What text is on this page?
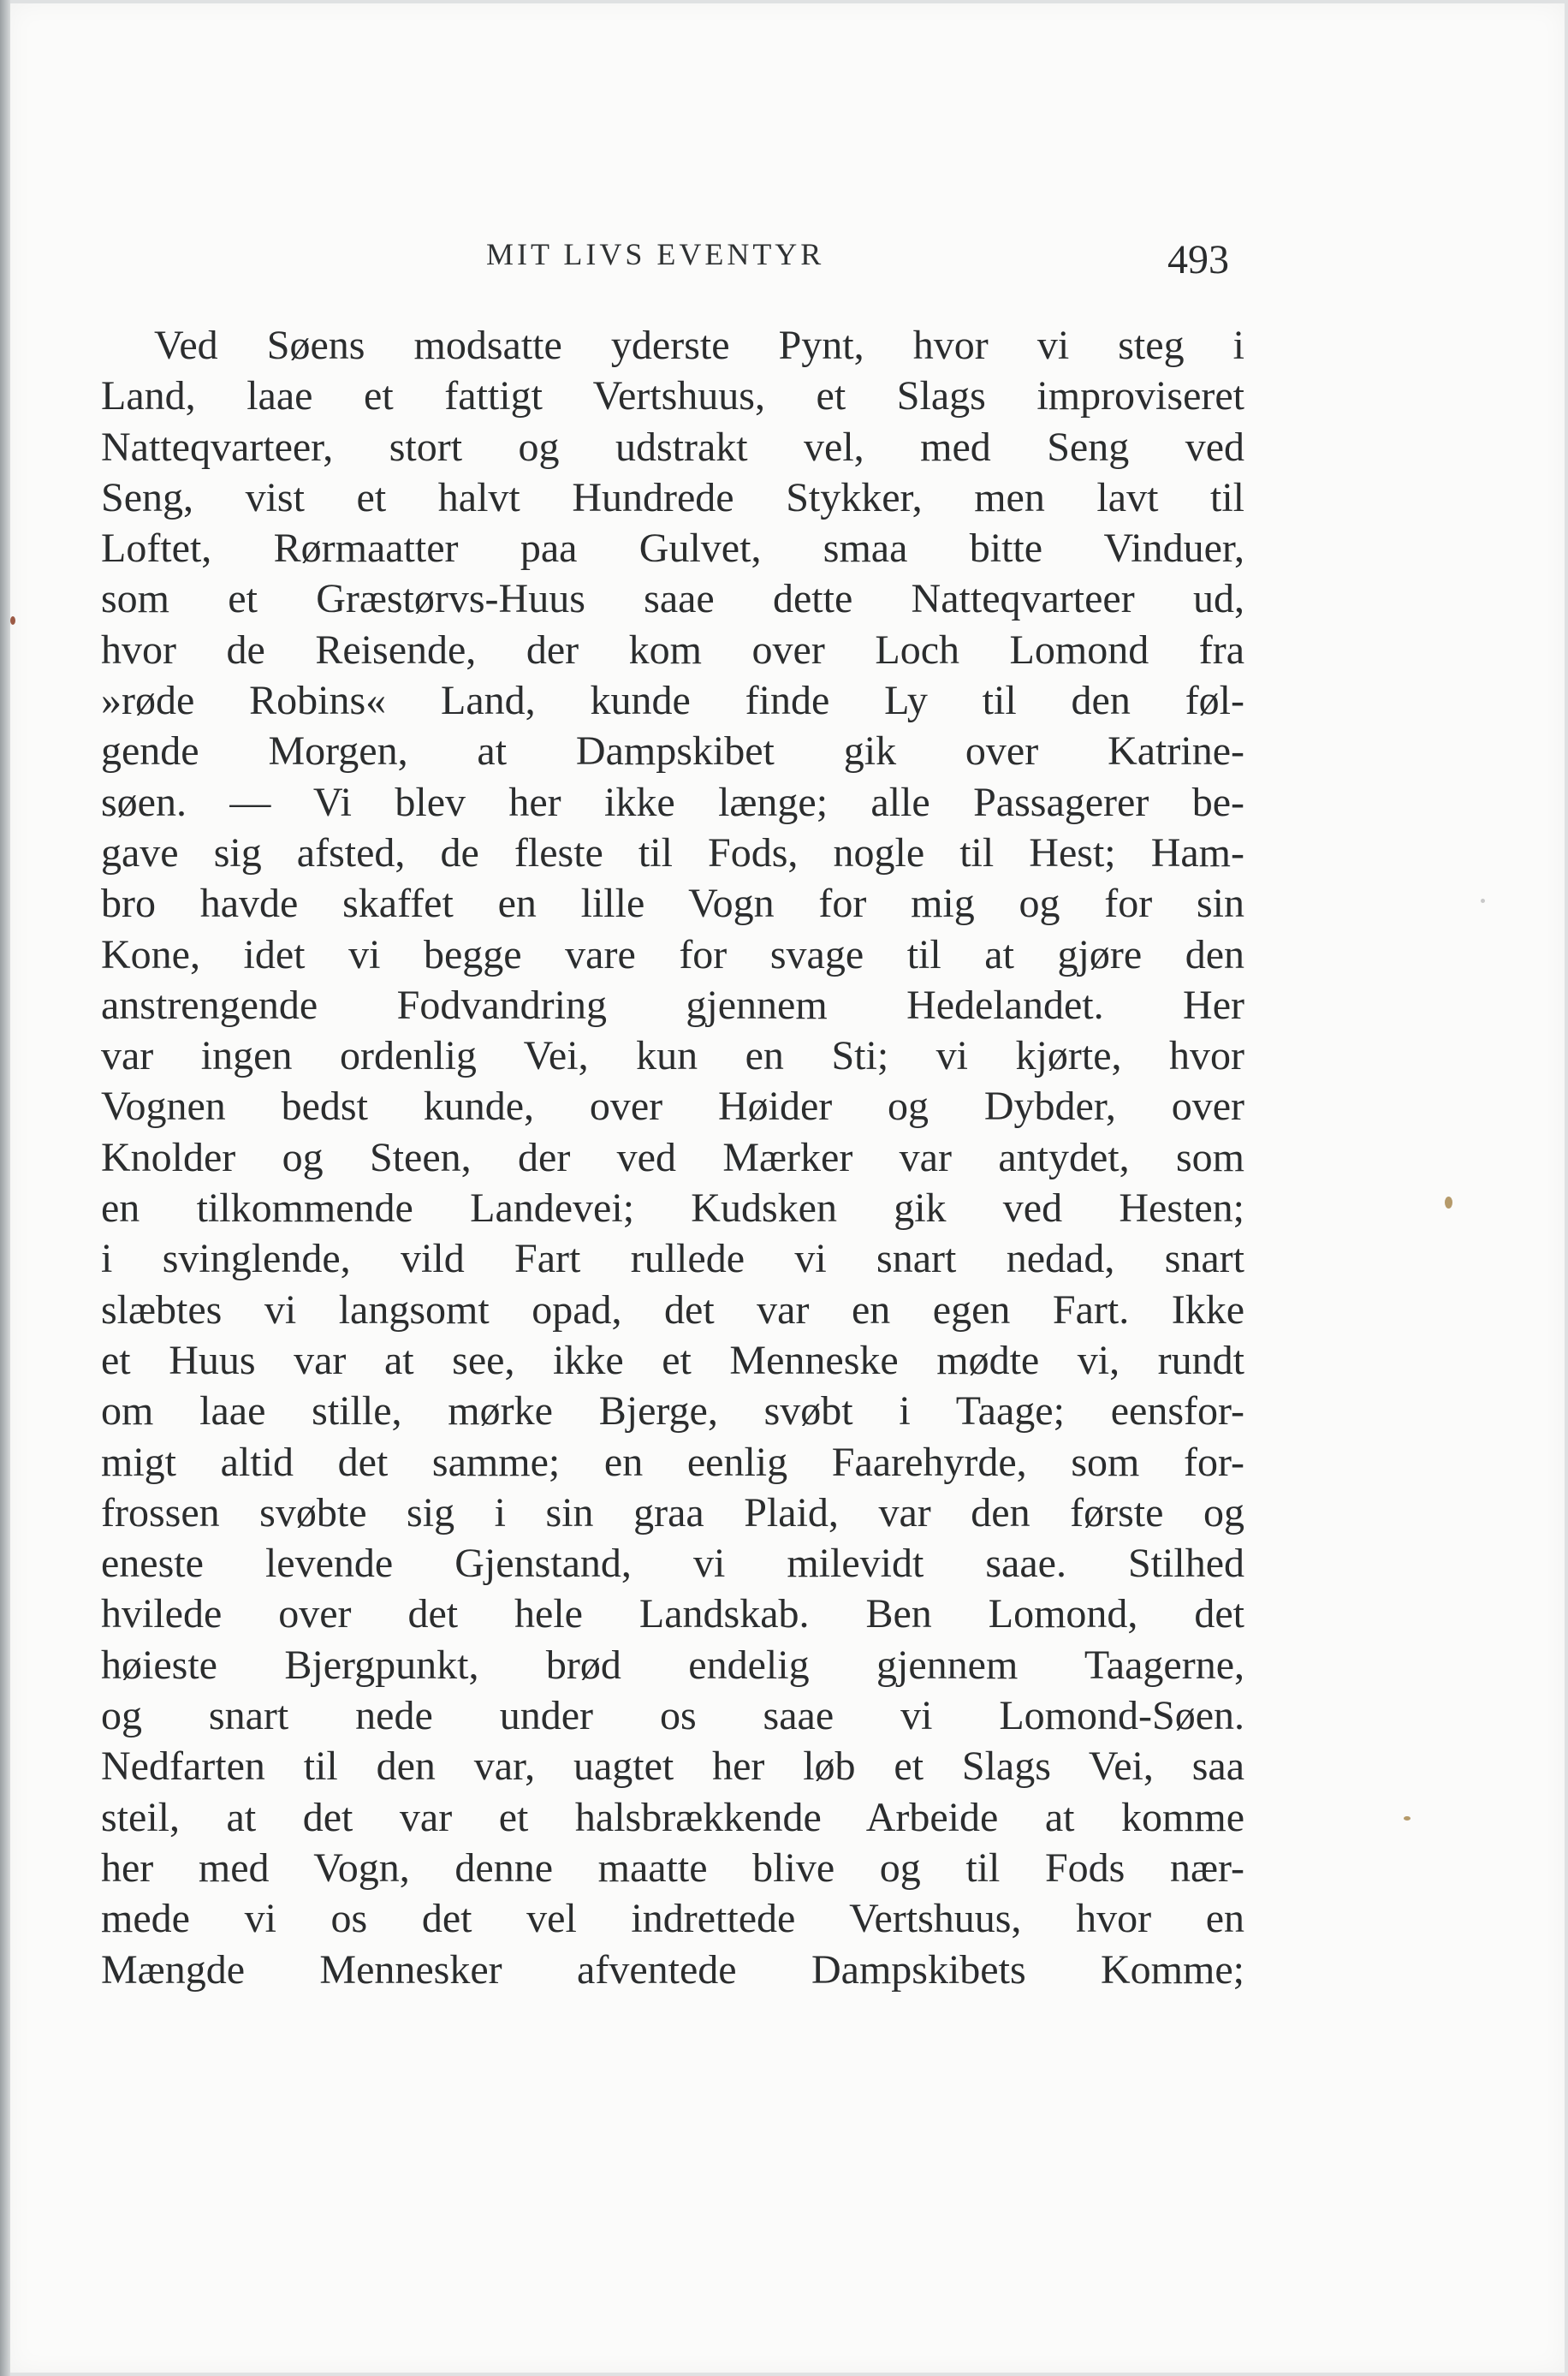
MIT LIVS EVENTYR	493
Ved Søens modsatte yderste Pynt, hvor vi steg i
Land, laae et fattigt Vertshuus, et Slags improviseret
Natteqvarteer, stort og udstrakt vel, med Seng ved
Seng, vist et halvt Hundrede Stykker, men lavt til
Loftet, Rørmaatter paa Gulvet, smaa bitte Vinduer,
som et Græstørvs-Huus saae dette Natteqvarteer ud,
hvor de Reisende, der kom over Loch Lomond fra
»røde Robins« Land, kunde finde Ly til den føl-
gende Morgen, at Dampskibet gik over Katrine-
søen. — Vi blev her ikke længe; alle Passagerer be-
gave sig afsted, de fleste til Fods, nogle til Hest; Ham-
bro havde skaffet en lille Vogn for mig og for sin
Kone, idet vi begge vare for svage til at gjøre den
anstrengende Fodvandring gjennem Hedelandet. Her
var ingen ordenlig Vei, kun en Sti; vi kjørte, hvor
Vognen bedst kunde, over Høider og Dybder, over
Knolder og Steen, der ved Mærker var antydet, som
en tilkommende Landevei; Kudsken gik ved Hesten;
i svinglende, vild Fart rullede vi snart nedad, snart
slæbtes vi langsomt opad, det var en egen Fart. Ikke
et Huus var at see, ikke et Menneske mødte vi, rundt
om laae stille, mørke Bjerge, svøbt i Taage; eensfor-
migt altid det samme; en eenlig Faarehyrde, som for-
frossen svøbte sig i sin graa Plaid, var den første og
eneste levende Gjenstand, vi milevidt saae. Stilhed
hvilede over det hele Landskab. Ben Lomond, det
høieste Bjergpunkt, brød endelig gjennem Taagerne,
og snart nede under os saae vi Lomond-Søen.
Nedfarten til den var, uagtet her løb et Slags Vei, saa
steil, at det var et halsbrækkende Arbeide at komme
her med Vogn, denne maatte blive og til Fods nær-
mede vi os det vel indrettede Vertshuus, hvor en
Mængde Mennesker afventede Dampskibets Komme;
